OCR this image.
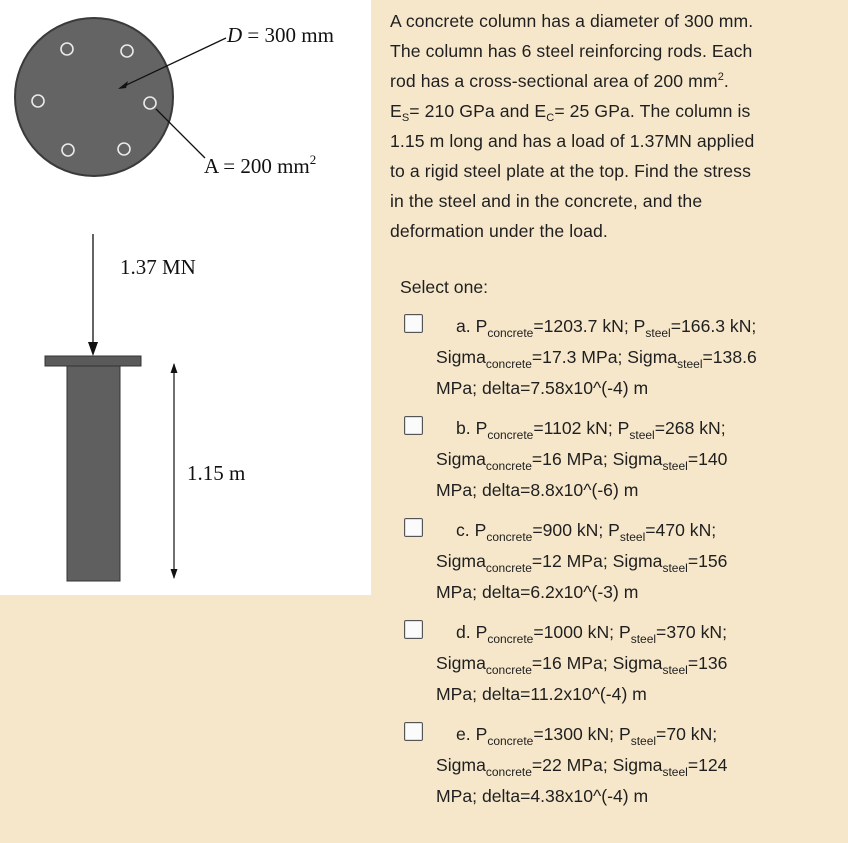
D = 300 mm
A = 200 $mm^2$
1.37 MN
1.15 m

A concrete column has a diameter of 300 mm.

The column has 6 steel reinforcing rods. Each

rod has a cross-sectional area of 200 $mm^2$.

$E_S= 210$ GPa and $E_C= 25$ GPa. The column is

1.15 m long and has a load of 1.37MN applied

to a rigid steel plate at the top. Find the stress

in the steel and in the concrete, and the

deformation under the load.

Select one:
a. $P_{concrete}=1203.7$ kN; $P_{steel}=166.3$ kN;
Sigma$_{concrete}$=17.3 MPa; Sigma$_{steel}$=138.6
MPa; delta=7.58x10^(-4) m
b. $P_{concrete}=1102$ kN; $P_{steel}=268$ kN;
Sigma$_{concrete}$=16 MPa; Sigma$_{steel}$=140
MPa; delta=8.8x10^(-6) m
c. $P_{concrete}=900$ kN; $P_{steel}=470$ kN;
Sigma$_{concrete}$=12 MPa; Sigma$_{steel}$=156
MPa; delta=6.2x10^(-3) m
d. $P_{concrete}=1000$ kN; $P_{steel}=370$ kN;
Sigma$_{concrete}$=16 MPa; Sigma$_{steel}$=136
MPa; delta=11.2x10^(-4) m
e. $P_{concrete}=1300$ kN; $P_{steel}=70$ kN;
Sigma$_{concrete}$=22 MPa; Sigma$_{steel}$=124
MPa; delta=4.38x10^(-4) m
